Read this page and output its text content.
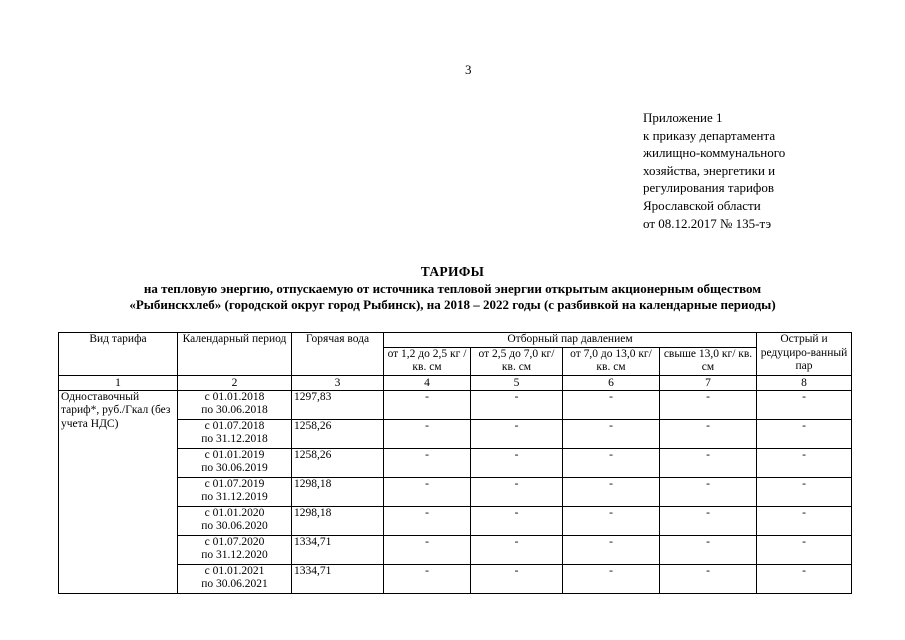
3
Приложение 1
к приказу департамента
жилищно-коммунального
хозяйства, энергетики и
регулирования тарифов
Ярославской области
от 08.12.2017 № 135-тэ
ТАРИФЫ
на тепловую энергию, отпускаемую от источника тепловой энергии открытым акционерным обществом
«Рыбинскхлеб» (городской округ город Рыбинск), на 2018 – 2022 годы (с разбивкой на календарные периоды)
Вид тарифа	Календарный период	Горячая вода	Отборный пар давлением				Острый и редуциро-ванный пар
			от 1,2 до 2,5 кг /кв. см	от 2,5 до 7,0 кг/ кв. см	от 7,0 до 13,0 кг/ кв. см	свыше 13,0 кг/ кв. см	
1	2	3	4	5	6	7	8
Одноставочный тариф*, руб./Гкал (без учета НДС)	с 01.01.2018
по 30.06.2018	1297,83	-	-	-	-	-

	с 01.07.2018
по 31.12.2018	1258,26	-	-	-	-	-

	с 01.01.2019
по 30.06.2019	1258,26	-	-	-	-	-

	с 01.07.2019
по 31.12.2019	1298,18	-	-	-	-	-

	с 01.01.2020
по 30.06.2020	1298,18	-	-	-	-	-

	с 01.07.2020
по 31.12.2020	1334,71	-	-	-	-	-

	с 01.01.2021
по 30.06.2021	1334,71	-	-	-	-	-
